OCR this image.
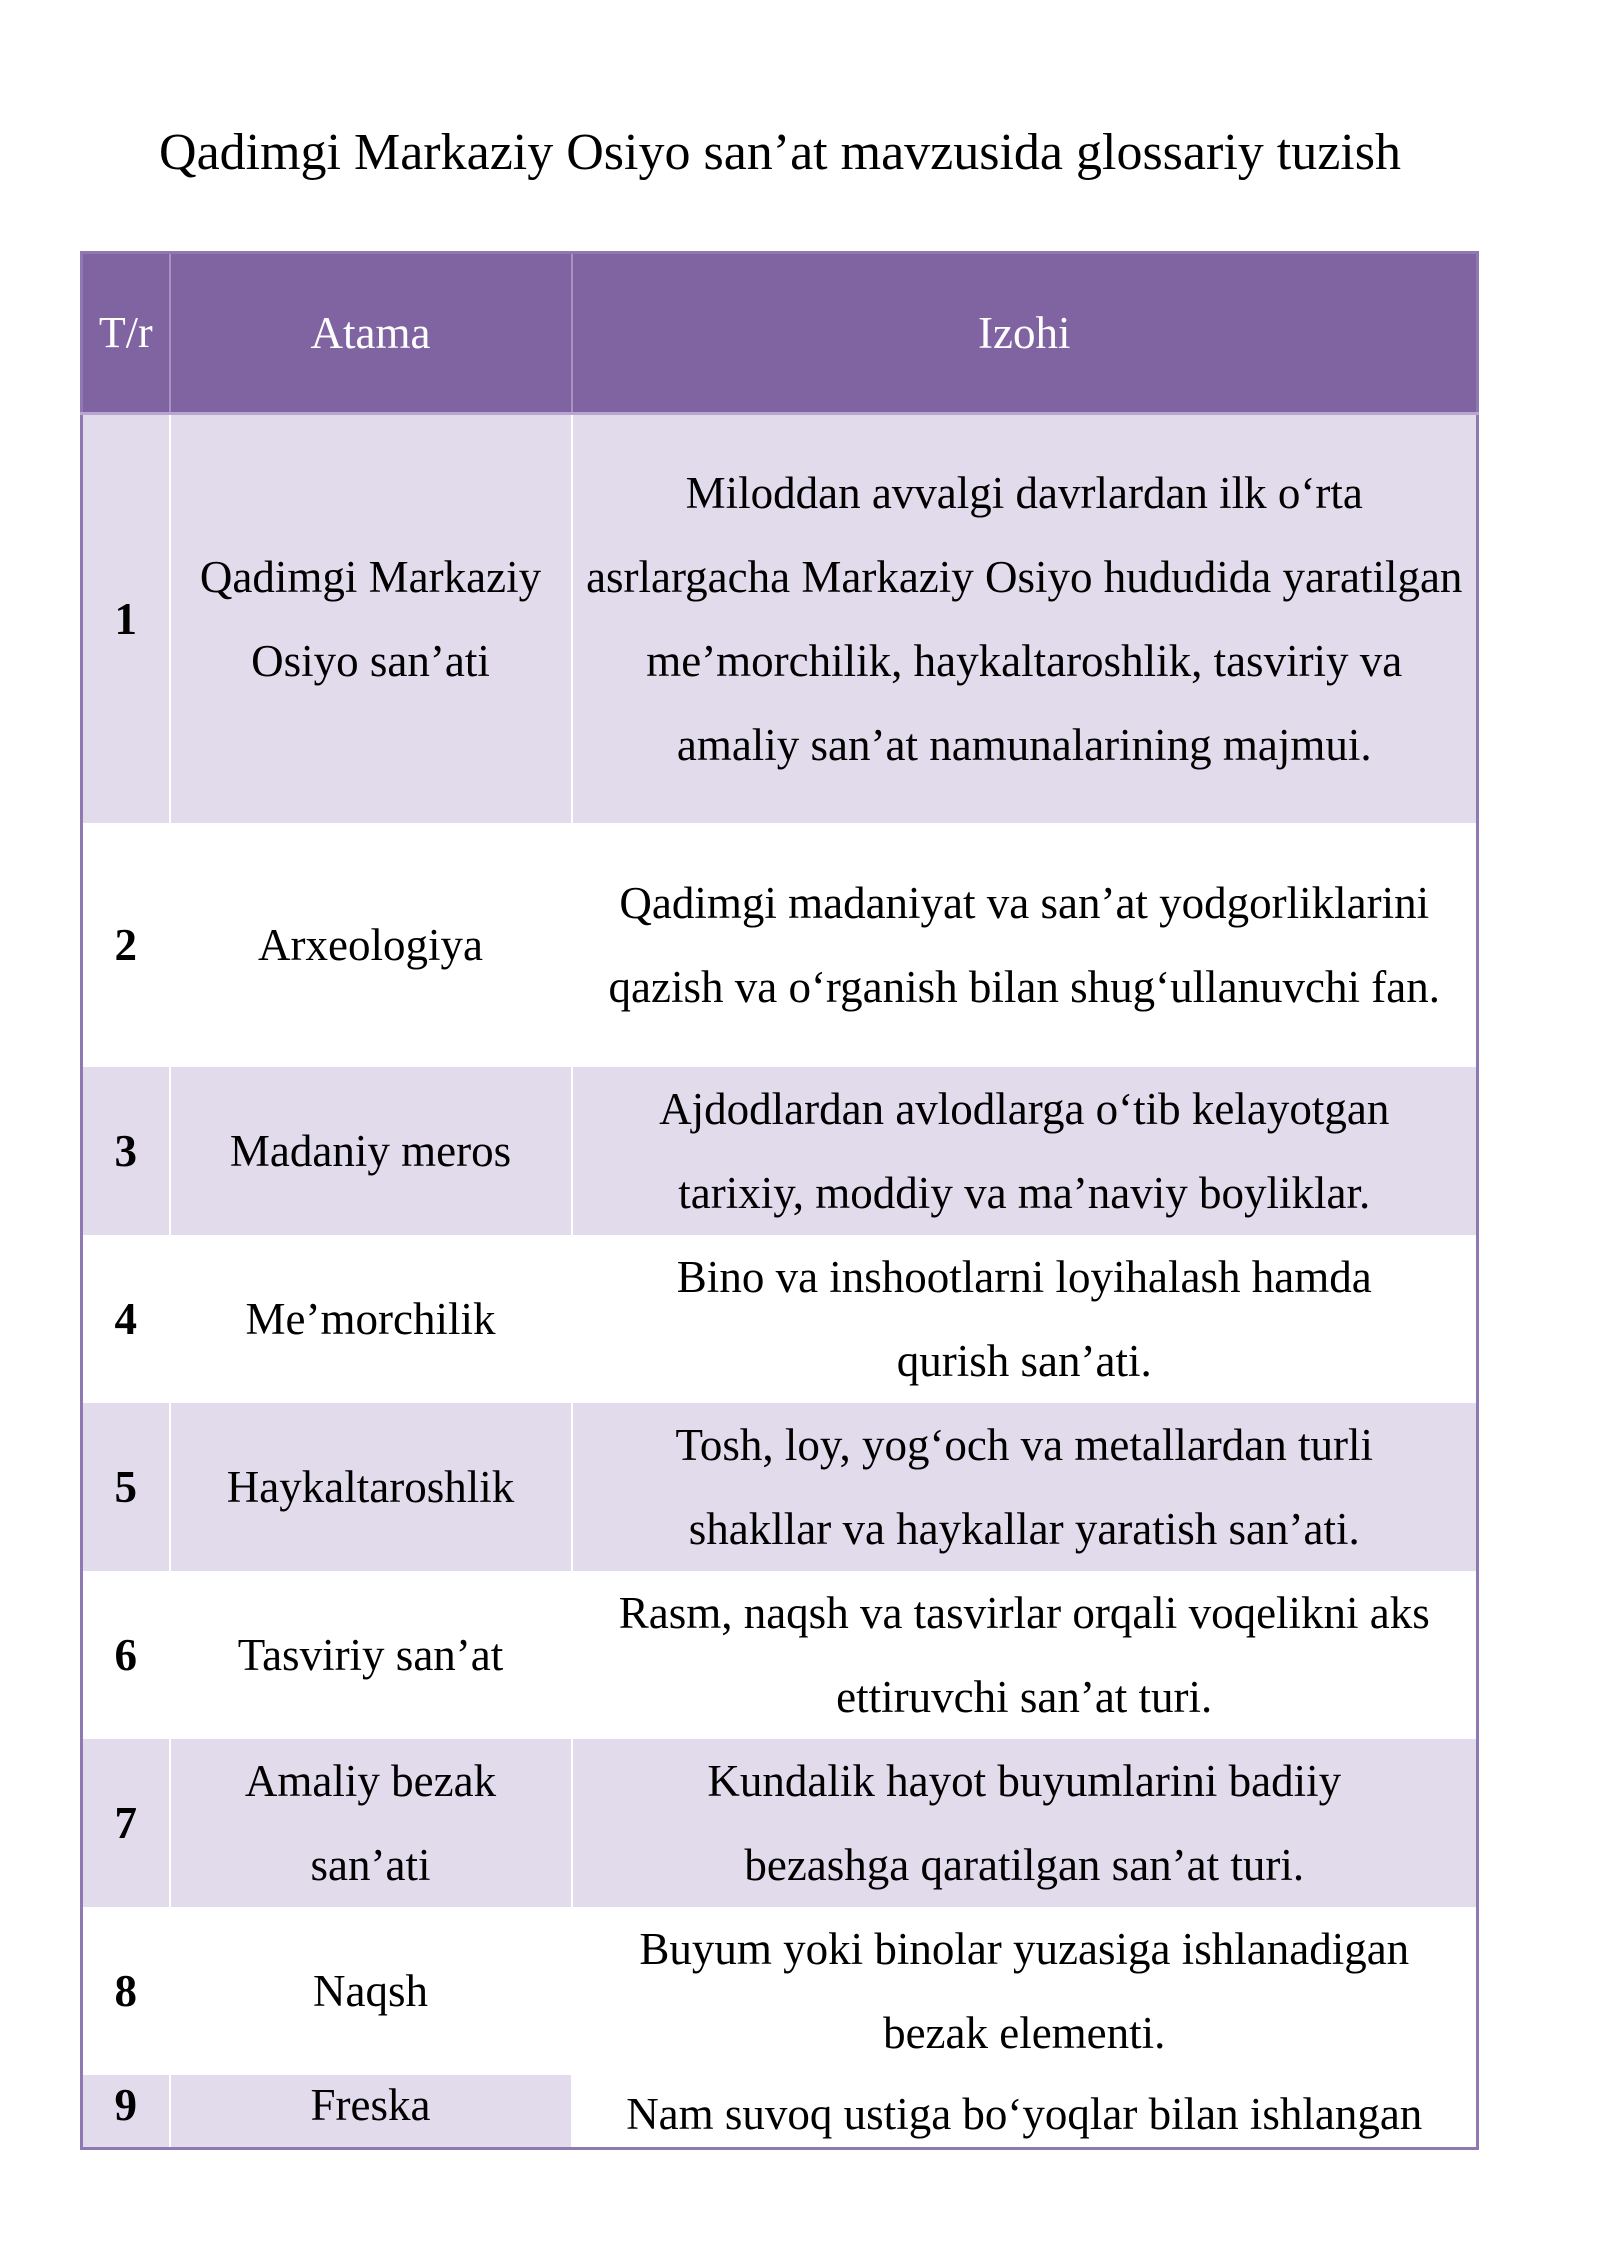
Qadimgi Markaziy Osiyo san’at mavzusida glossariy tuzish
T/r	Atama	Izohi
1	Qadimgi Markaziy Osiyo san’ati	Miloddan avvalgi davrlardan ilk o‘rta asrlargacha Markaziy Osiyo hududida yaratilgan me’morchilik, haykaltaroshlik, tasviriy va amaliy san’at namunalarining majmui.
2	Arxeologiya	Qadimgi madaniyat va san’at yodgorliklarini qazish va o‘rganish bilan shug‘ullanuvchi fan.
3	Madaniy meros	Ajdodlardan avlodlarga o‘tib kelayotgan tarixiy, moddiy va ma’naviy boyliklar.
4	Me’morchilik	Bino va inshootlarni loyihalash hamda qurish san’ati.
5	Haykaltaroshlik	Tosh, loy, yog‘och va metallardan turli shakllar va haykallar yaratish san’ati.
6	Tasviriy san’at	Rasm, naqsh va tasvirlar orqali voqelikni aks ettiruvchi san’at turi.
7	Amaliy bezak san’ati	Kundalik hayot buyumlarini badiiy bezashga qaratilgan san’at turi.
8	Naqsh	Buyum yoki binolar yuzasiga ishlanadigan bezak elementi.
9	Freska	Nam suvoq ustiga bo‘yoqlar bilan ishlangan
